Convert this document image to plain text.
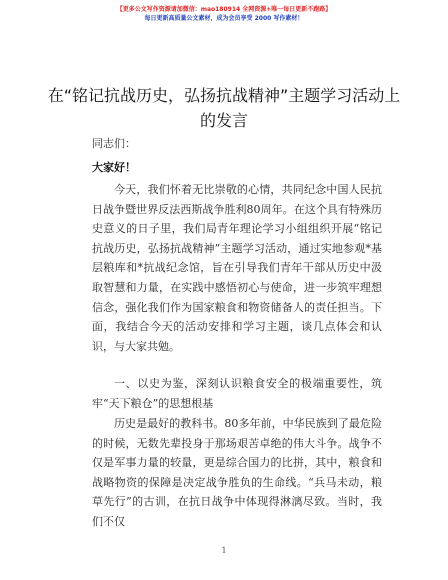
【更多公文写作资源请加微信：mao180914 全网资源+唯一每日更新不跑路】
每日更新高质量公文素材，成为会员享受 2000 写作素材！
在“铭记抗战历史，弘扬抗战精神”主题学习活动上的发言
同志们：
大家好！

今天，我们怀着无比崇敬的心情，共同纪念中国人民抗日战争暨世界反法西斯战争胜利80周年。在这个具有特殊历史意义的日子里，我们局青年理论学习小组组织开展“铭记抗战历史，弘扬抗战精神”主题学习活动，通过实地参观*基层粮库和*抗战纪念馆，旨在引导我们青年干部从历史中汲取智慧和力量，在实践中感悟初心与使命，进一步筑牢理想信念，强化我们作为国家粮食和物资储备人的责任担当。下面，我结合今天的活动安排和学习主题，谈几点体会和认识，与大家共勉。

一、以史为鉴，深刻认识粮食安全的极端重要性，筑牢“天下粮仓”的思想根基

历史是最好的教科书。80多年前，中华民族到了最危险的时候，无数先辈投身于那场艰苦卓绝的伟大斗争。战争不仅是军事力量的较量，更是综合国力的比拼，其中，粮食和战略物资的保障是决定战争胜负的生命线。“兵马未动，粮草先行”的古训，在抗日战争中体现得淋漓尽致。当时，我们不仅

1
